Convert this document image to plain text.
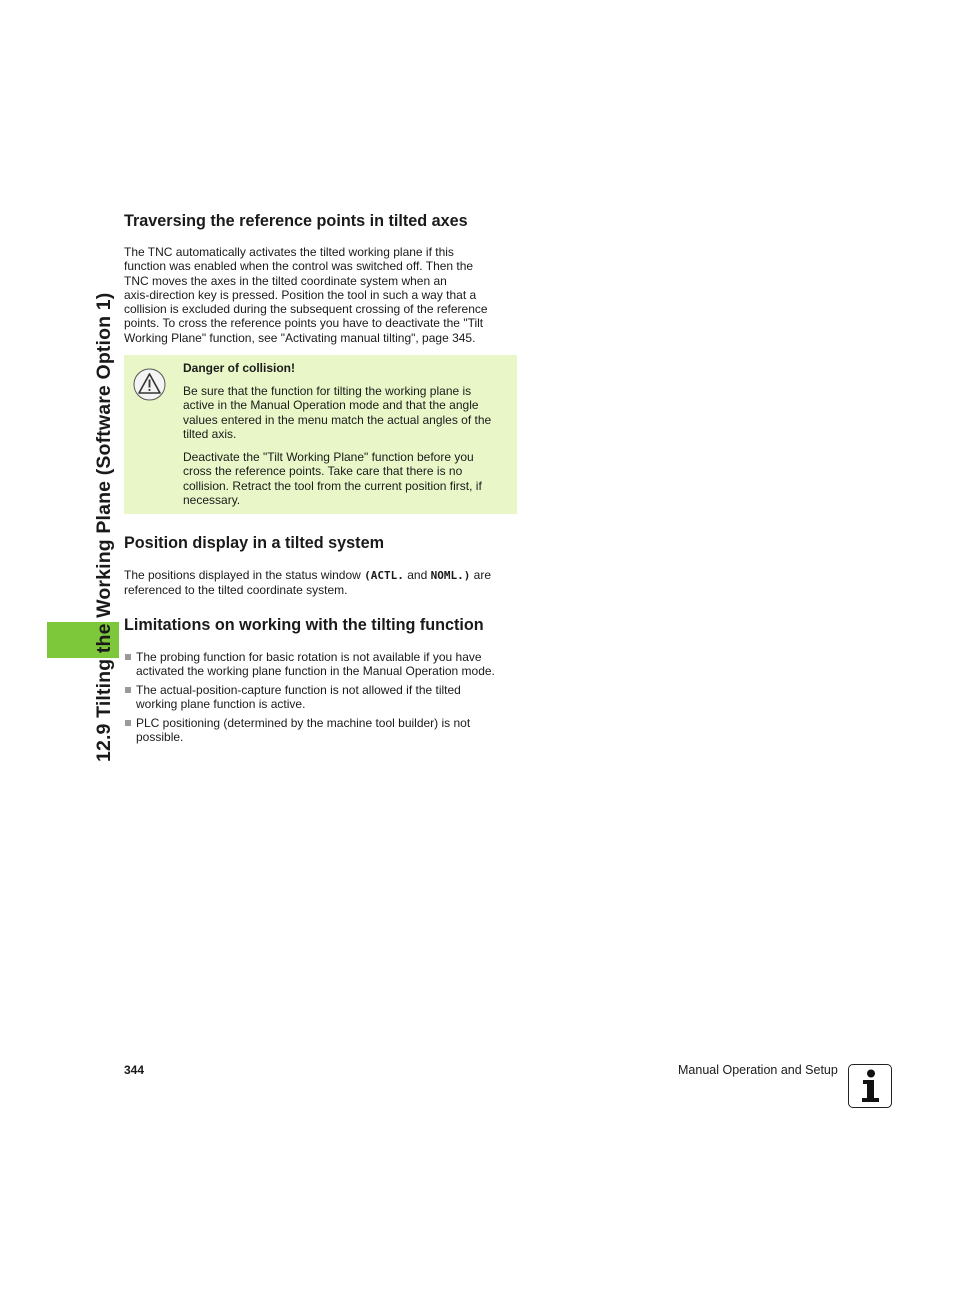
12.9 Tilting the Working Plane (Software Option 1)
Traversing the reference points in tilted axes
The TNC automatically activates the tilted working plane if this
function was enabled when the control was switched off. Then the
TNC moves the axes in the tilted coordinate system when an
axis-direction key is pressed. Position the tool in such a way that a
collision is excluded during the subsequent crossing of the reference
points. To cross the reference points you have to deactivate the "Tilt
Working Plane" function, see "Activating manual tilting", page 345.
Danger of collision!
Be sure that the function for tilting the working plane is
active in the Manual Operation mode and that the angle
values entered in the menu match the actual angles of the
tilted axis.
Deactivate the "Tilt Working Plane" function before you
cross the reference points. Take care that there is no
collision. Retract the tool from the current position first, if
necessary.
Position display in a tilted system
The positions displayed in the status window (ACTL. and NOML.) are
referenced to the tilted coordinate system.
Limitations on working with the tilting function
The probing function for basic rotation is not available if you have
activated the working plane function in the Manual Operation mode.
The actual-position-capture function is not allowed if the tilted
working plane function is active.
PLC positioning (determined by the machine tool builder) is not
possible.
344	Manual Operation and Setup
